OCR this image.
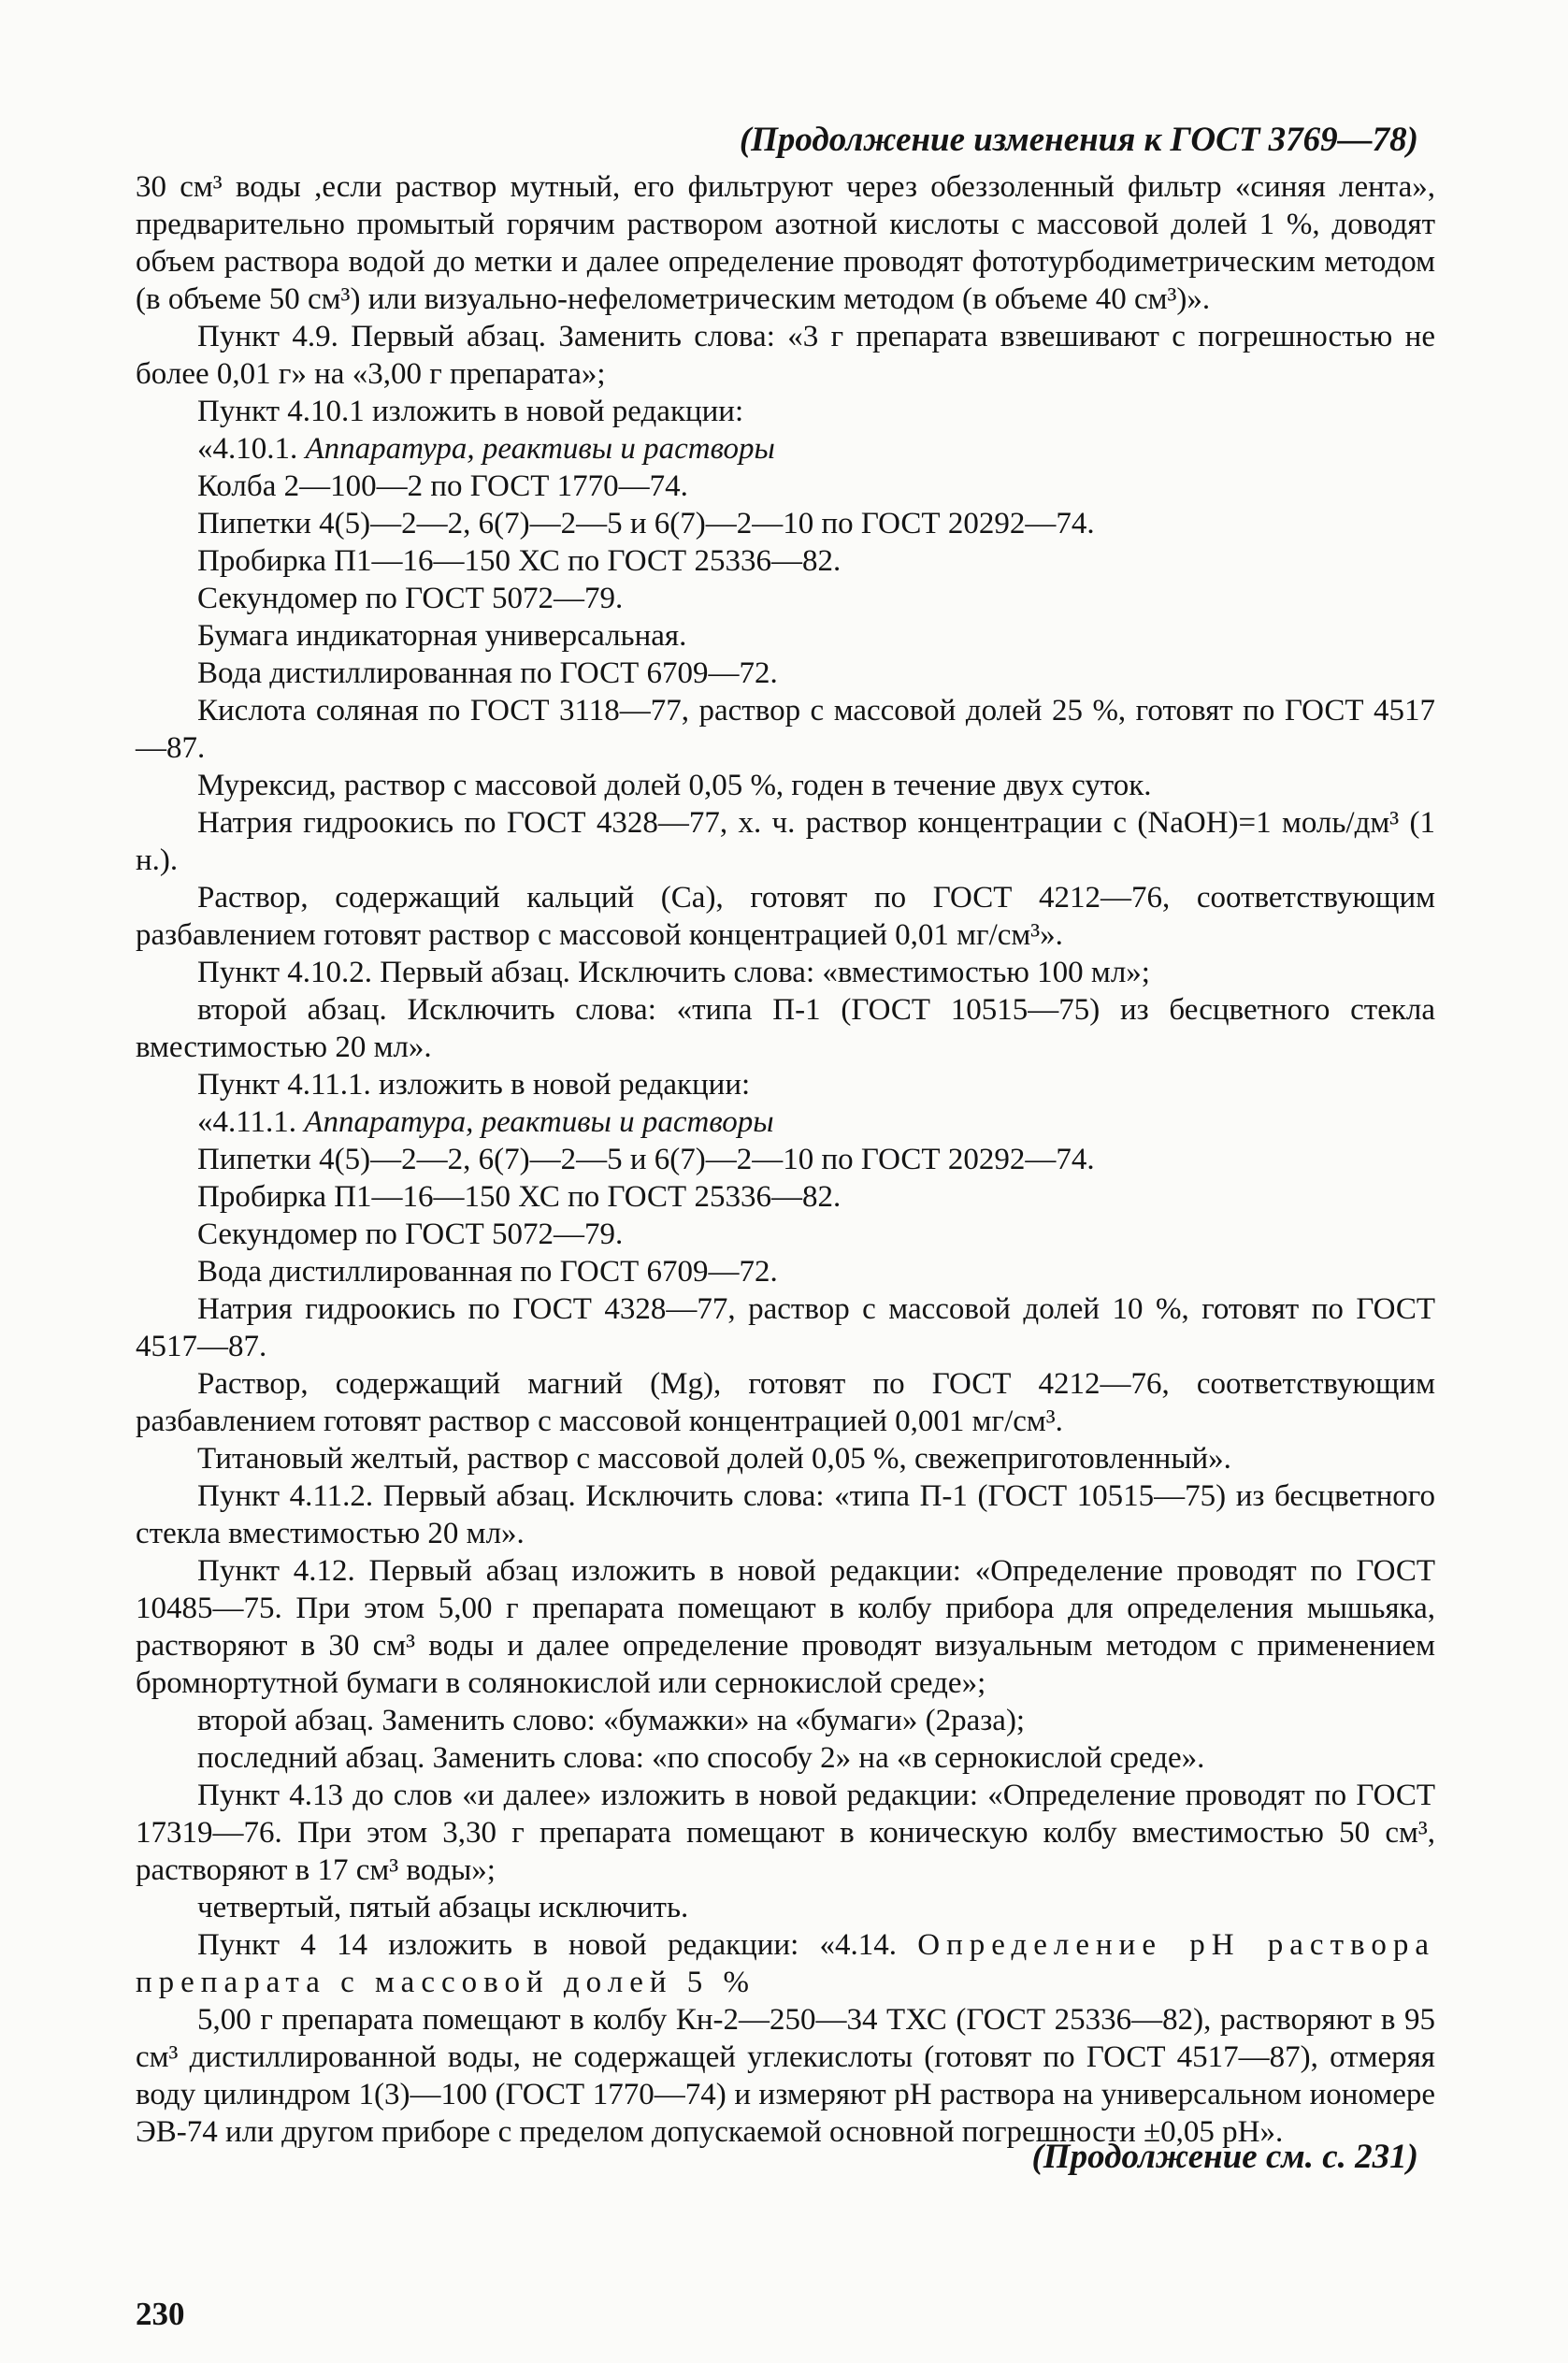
(Продолжение изменения к ГОСТ 3769—78)

30 см³ воды ,если раствор мутный, его фильтруют через обеззоленный фильтр «синяя лента», предварительно промытый горячим раствором азотной кислоты с массовой долей 1 %, доводят объем раствора водой до метки и далее определение проводят фототурбодиметрическим методом (в объеме 50 см³) или визуально-нефелометрическим методом (в объеме 40 см³)».

Пункт 4.9. Первый абзац. Заменить слова: «3 г препарата взвешивают с погрешностью не более 0,01 г» на «3,00 г препарата»;

Пункт 4.10.1 изложить в новой редакции:

«4.10.1. Аппаратура, реактивы и растворы

Колба 2—100—2 по ГОСТ 1770—74.

Пипетки 4(5)—2—2, 6(7)—2—5 и 6(7)—2—10 по ГОСТ 20292—74.

Пробирка П1—16—150 ХС по ГОСТ 25336—82.

Секундомер по ГОСТ 5072—79.

Бумага индикаторная универсальная.

Вода дистиллированная по ГОСТ 6709—72.

Кислота соляная по ГОСТ 3118—77, раствор с массовой долей 25 %, готовят по ГОСТ 4517—87.

Мурексид, раствор с массовой долей 0,05 %, годен в течение двух суток.

Натрия гидроокись по ГОСТ 4328—77, х. ч. раствор концентрации с (NaOH)=1 моль/дм³ (1 н.).

Раствор, содержащий кальций (Са), готовят по ГОСТ 4212—76, соответствующим разбавлением готовят раствор с массовой концентрацией 0,01 мг/см³».

Пункт 4.10.2. Первый абзац. Исключить слова: «вместимостью 100 мл»;

второй абзац. Исключить слова: «типа П-1 (ГОСТ 10515—75) из бесцветного стекла вместимостью 20 мл».

Пункт 4.11.1. изложить в новой редакции:

«4.11.1. Аппаратура, реактивы и растворы

Пипетки 4(5)—2—2, 6(7)—2—5 и 6(7)—2—10 по ГОСТ 20292—74.

Пробирка П1—16—150 ХС по ГОСТ 25336—82.

Секундомер по ГОСТ 5072—79.

Вода дистиллированная по ГОСТ 6709—72.

Натрия гидроокись по ГОСТ 4328—77, раствор с массовой долей 10 %, готовят по ГОСТ 4517—87.

Раствор, содержащий магний (Mg), готовят по ГОСТ 4212—76, соответствующим разбавлением готовят раствор с массовой концентрацией 0,001 мг/см³.

Титановый желтый, раствор с массовой долей 0,05 %, свежеприготовленный».

Пункт 4.11.2. Первый абзац. Исключить слова: «типа П-1 (ГОСТ 10515—75) из бесцветного стекла вместимостью 20 мл».

Пункт 4.12. Первый абзац изложить в новой редакции: «Определение проводят по ГОСТ 10485—75. При этом 5,00 г препарата помещают в колбу прибора для определения мышьяка, растворяют в 30 см³ воды и далее определение проводят визуальным методом с применением бромнортутной бумаги в солянокислой или сернокислой среде»;

второй абзац. Заменить слово: «бумажки» на «бумаги» (2раза);

последний абзац. Заменить слова: «по способу 2» на «в сернокислой среде».

Пункт 4.13 до слов «и далее» изложить в новой редакции: «Определение проводят по ГОСТ 17319—76. При этом 3,30 г препарата помещают в коническую колбу вместимостью 50 см³, растворяют в 17 см³ воды»;

четвертый, пятый абзацы исключить.

Пункт 4 14 изложить в новой редакции: «4.14. Определение pH раствора препарата с массовой долей 5 %

5,00 г препарата помещают в колбу Кн-2—250—34 ТХС (ГОСТ 25336—82), растворяют в 95 см³ дистиллированной воды, не содержащей углекислоты (готовят по ГОСТ 4517—87), отмеряя воду цилиндром 1(3)—100 (ГОСТ 1770—74) и измеряют pH раствора на универсальном иономере ЭВ-74 или другом приборе с пределом допускаемой основной погрешности ±0,05 pH».

(Продолжение см. с. 231)
230
